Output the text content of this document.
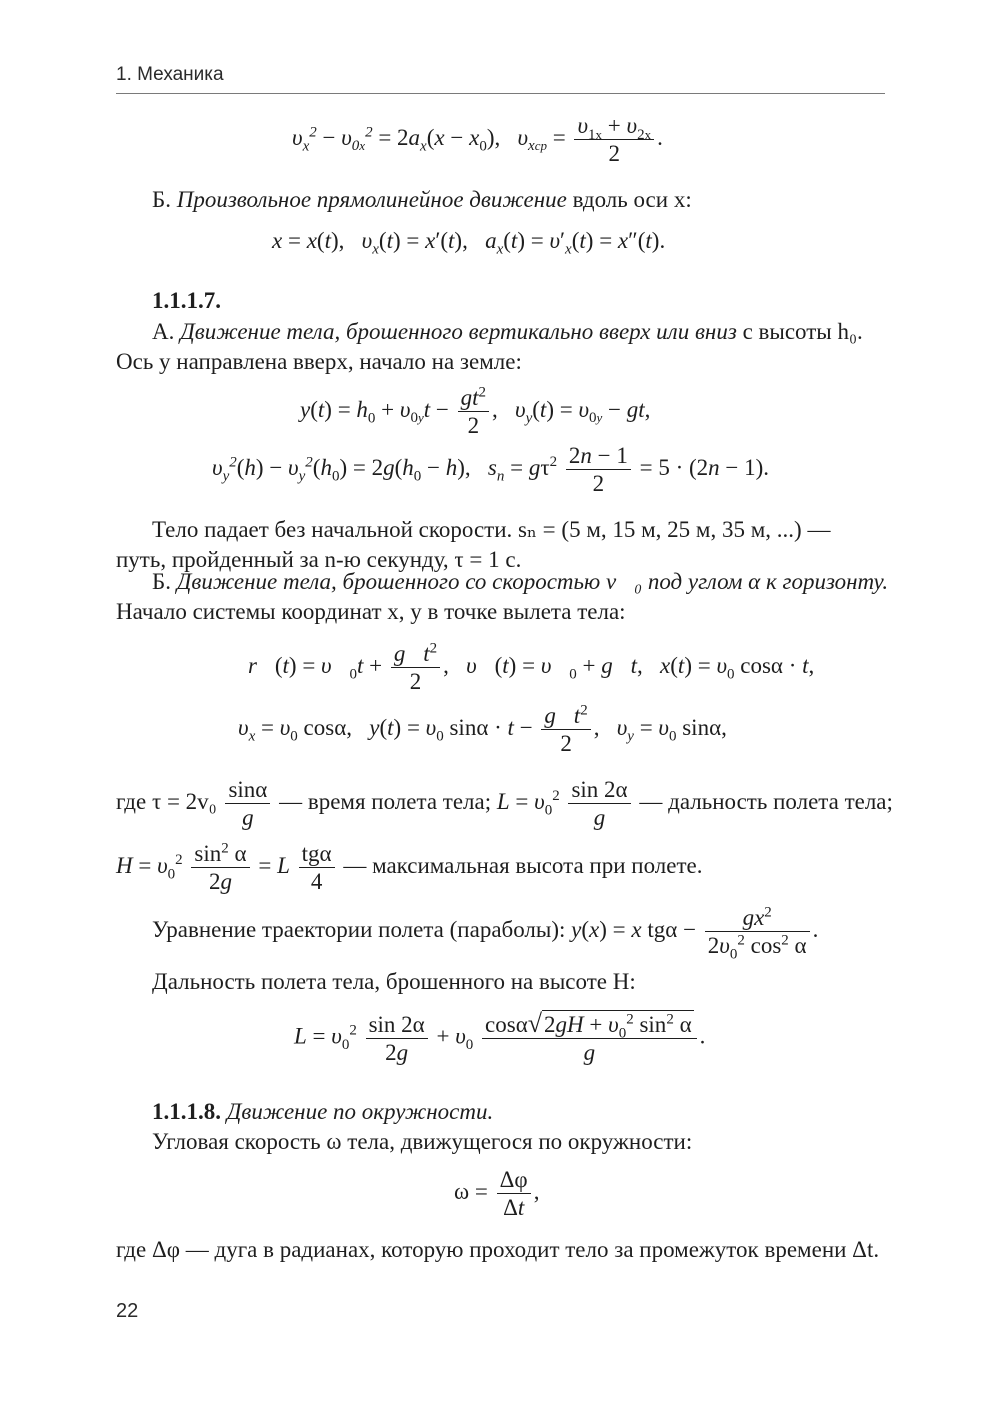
1. Механика
$\upsilon_x^2 - \upsilon_{0x}^2 = 2a_x(x - x_0)$,   $\upsilon_{xср} = \frac{\upsilon_{1x} + \upsilon_{2x}}{2}$ .
Б. Произвольное прямолинейное движение вдоль оси x:
x = x(t),   $\upsilon_x(t) = x'(t)$,   $a_x(t) = \upsilon'_x(t) = x''(t)$.
1.1.1.7.
А. Движение тела, брошенного вертикально вверх или вниз с высоты h₀.
Ось y направлена вверх, начало на земле:
$y(t) = h_0 + \upsilon_{0y}t - \frac{gt^2}{2}$ ,   $\upsilon_y(t) = \upsilon_{0y}$ − gt,
$\upsilon_y^2(h) - \upsilon_y^2(h_0) = 2g(h_0 - h)$,   $s_n = g\tau^2 \frac{2n - 1}{2} = 5 \cdot (2n - 1)$.
Тело падает без начальной скорости. sₙ = (5 м, 15 м, 25 м, 35 м, ...) —
путь, пройденный за n-ю секунду, τ = 1 с.
Б. Движение тела, брошенного со скоростью v⃗₀ под углом α к горизонту.
Начало системы координат x, y в точке вылета тела:
r⃗(t) = $\upsilon⃗_0t + \frac{g⃗t^2}{2}$ ,   υ⃗(t) = $\upsilon⃗_0$ + g⃗t,   $x(t) = \upsilon_0$ cosα · t,
$\upsilon_x = \upsilon_0$ cosα,   $y(t) = \upsilon_0$ $\sin\alpha \cdot t - \frac{g⃗t^2}{2}$ ,   $\upsilon_y = \upsilon_0$ sinα,
где $\tau = 2v_0 \frac{\sin\alpha}{g}$ — время полета тела; $L = \upsilon_0^2 \frac{\sin 2\alpha}{g}$ — дальность полета тела;
$H = \upsilon_0^2 \frac{\sin^2 \alpha}{2g} = L \frac{\text{tgα}}{4}$ — максимальная высота при полете.
Уравнение траектории полета (параболы): y(x) = x $tg\alpha - \frac{gx^2}{2\upsilon_0^2 \cos^2 \alpha}$ .
Дальность полета тела, брошенного на высоте H:
$L = \upsilon_0^2 \frac{\sin 2\alpha}{2g} + \upsilon_0 \frac{\cos\alpha√2gH + \upsilon_0^2 \sin^2 \alpha}{g}$ .
1.1.1.8. Движение по окружности.
Угловая скорость ω тела, движущегося по окружности:
$\omega = \frac{\Delta\varphi}{\Delta t}$ ,
где Δφ — дуга в радианах, которую проходит тело за промежуток времени Δt.
22
